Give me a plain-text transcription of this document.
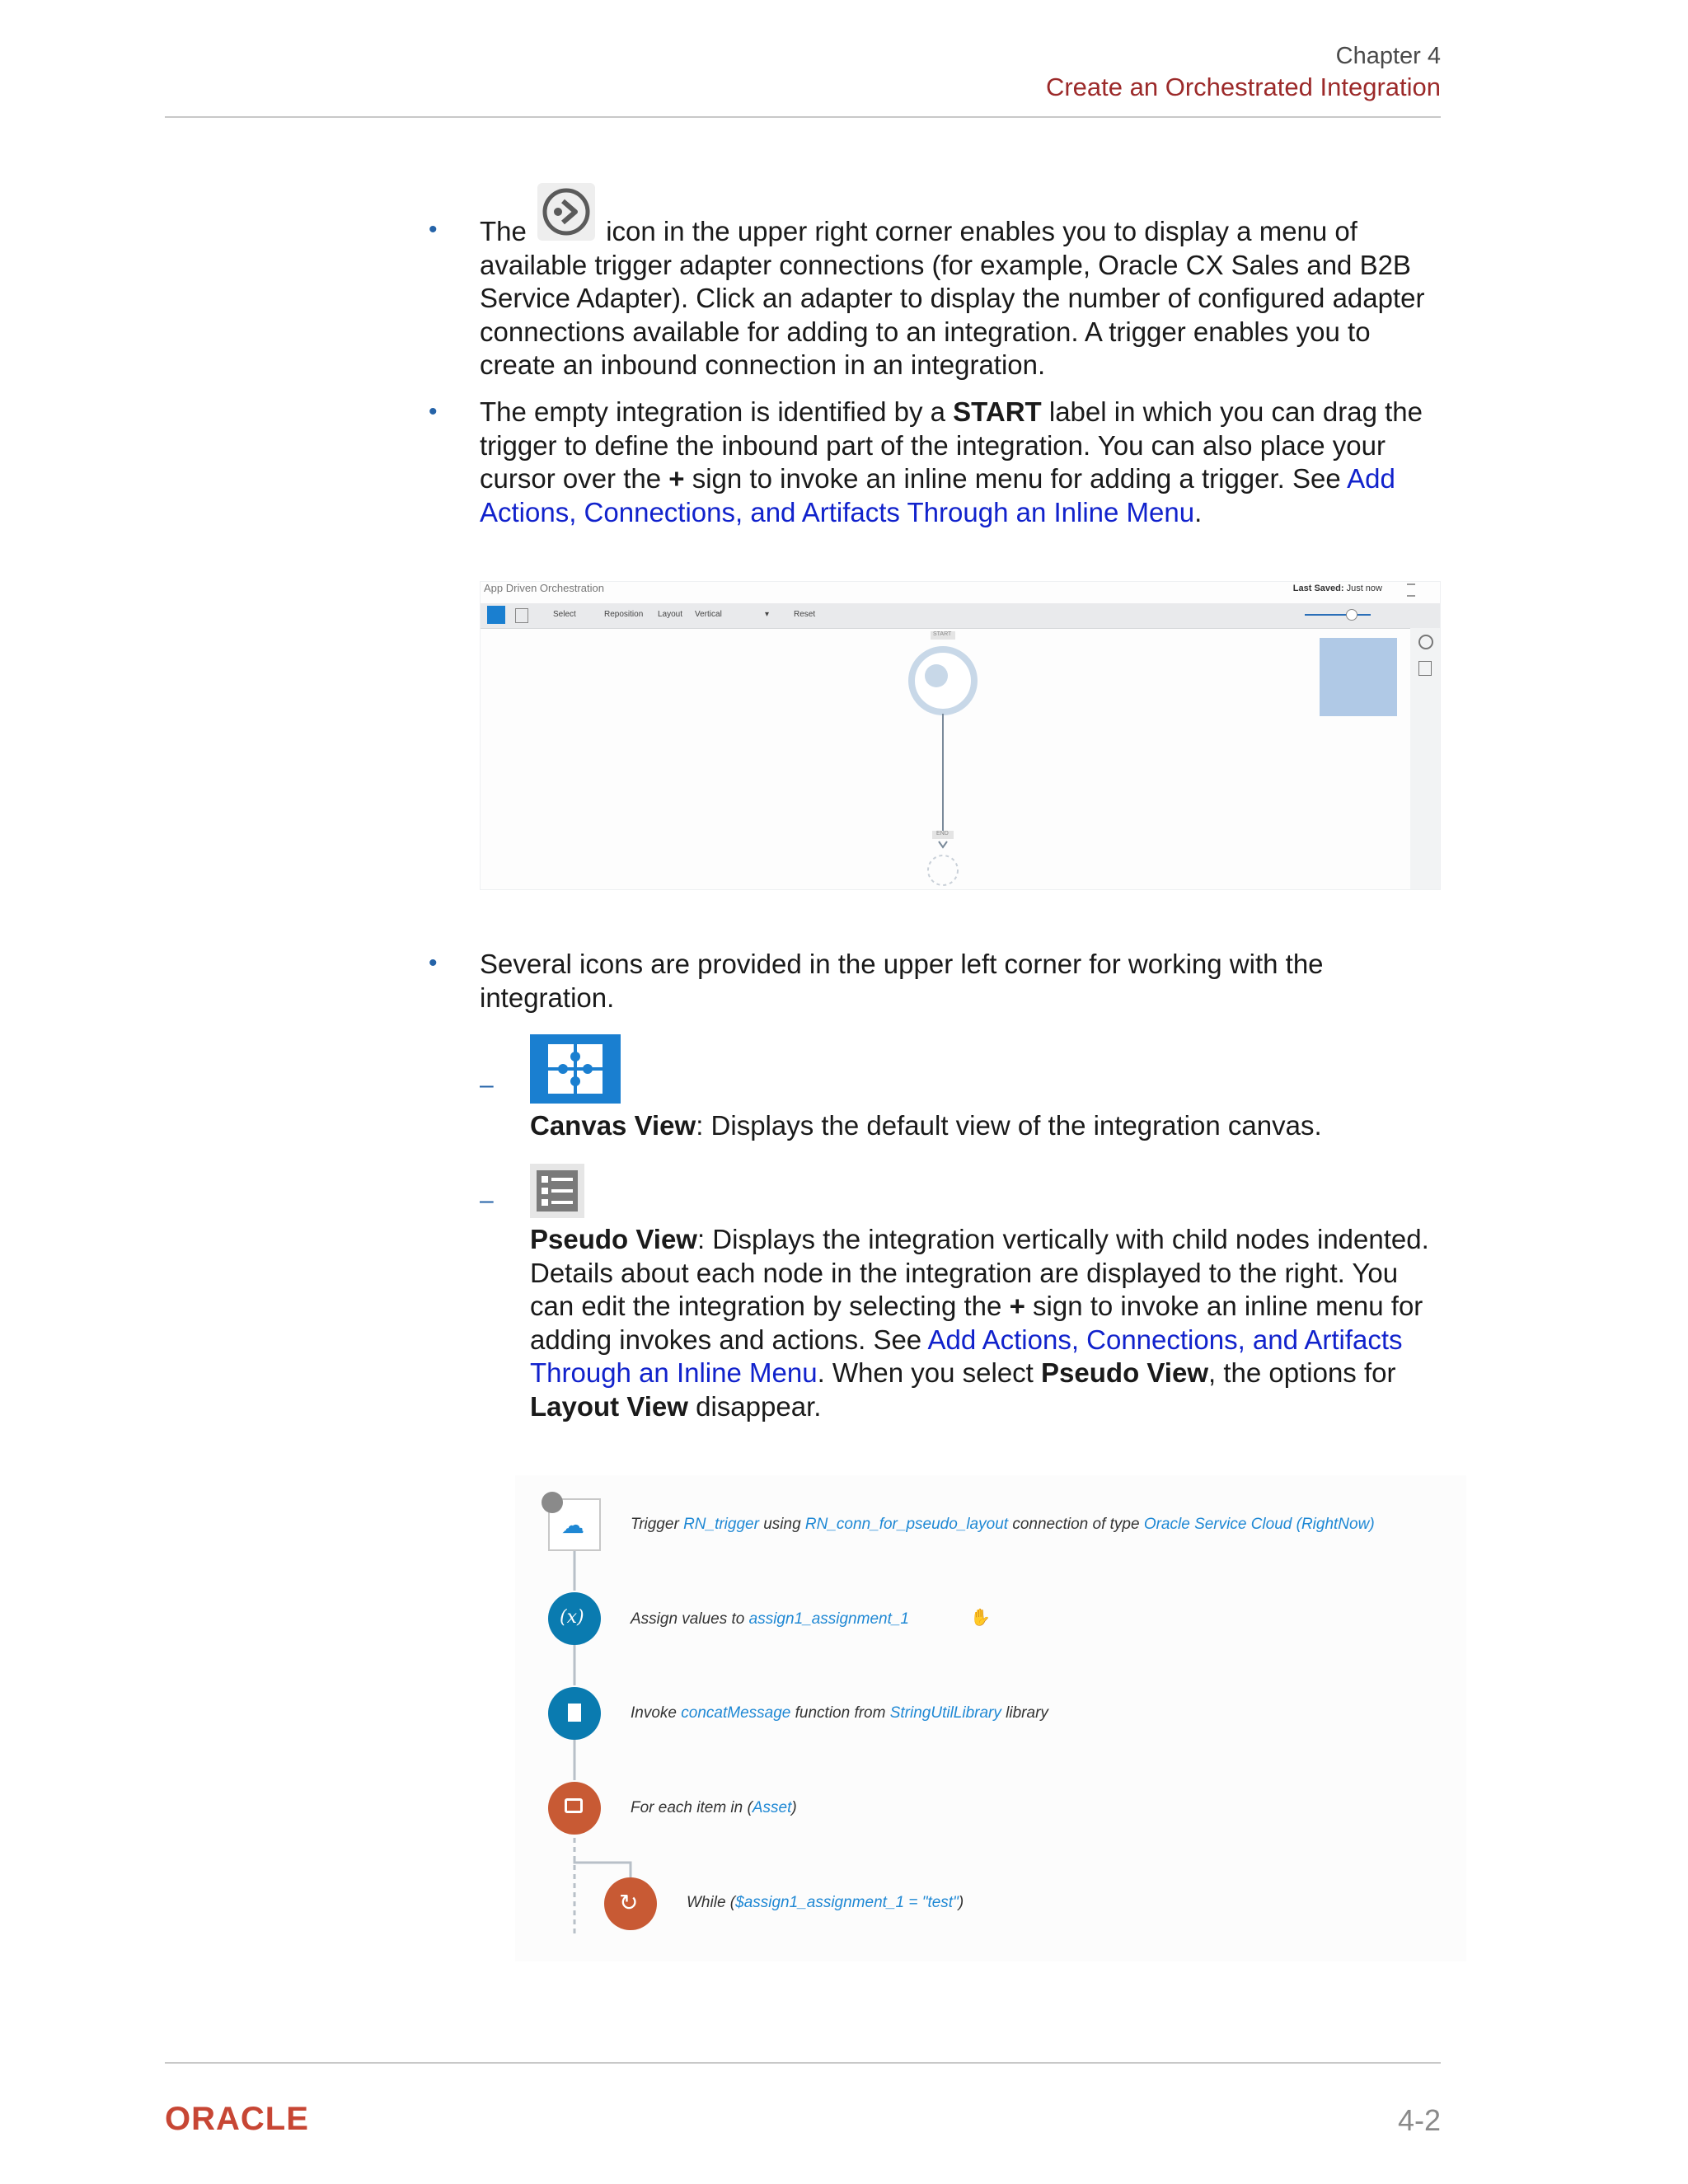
Chapter 4
Create an Orchestrated Integration
• The	icon in the upper right corner enables you to display a menu of available trigger adapter connections (for example, Oracle CX Sales and B2B Service Adapter). Click an adapter to display the number of configured adapter connections available for adding to an integration. A trigger enables you to create an inbound connection in an integration.
• The empty integration is identified by a START label in which you can drag the trigger to define the inbound part of the integration. You can also place your cursor over the + sign to invoke an inline menu for adding a trigger. See Add Actions, Connections, and Artifacts Through an Inline Menu.
App Driven Orchestration	Last Saved: Just now
Select	Reposition Layout Vertical	▾	Reset
START
END
• Several icons are provided in the upper left corner for working with the integration.
–
Canvas View: Displays the default view of the integration canvas.
–
Pseudo View: Displays the integration vertically with child nodes indented. Details about each node in the integration are displayed to the right. You can edit the integration by selecting the + sign to invoke an inline menu for adding invokes and actions. See Add Actions, Connections, and Artifacts Through an Inline Menu. When you select Pseudo View, the options for Layout View disappear.
☁	Trigger RN_trigger using RN_conn_for_pseudo_layout connection of type Oracle Service Cloud (RightNow)
(x)	Assign values to assign1_assignment_1	✋
Invoke concatMessage function from StringUtilLibrary library
For each item in (Asset)
↻	While ($assign1_assignment_1 = "test")
ORACLE	4-2
